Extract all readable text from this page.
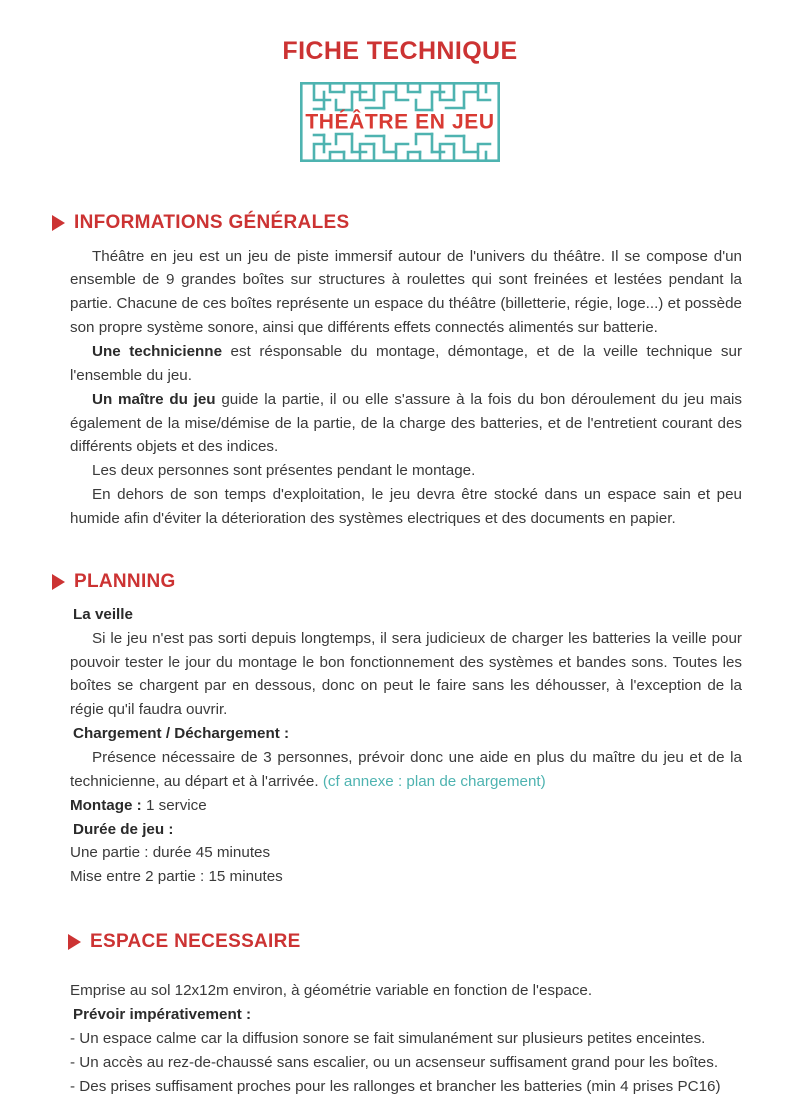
FICHE TECHNIQUE
THÉÂTRE EN JEU
INFORMATIONS GÉNÉRALES

Théâtre en jeu est un jeu de piste immersif autour de l'univers du théâtre. Il se compose d'un ensemble de 9 grandes boîtes sur structures à roulettes qui sont freinées et lestées pendant la partie. Chacune de ces boîtes représente un espace du théâtre (billetterie, régie, loge...) et possède son propre système sonore, ainsi que différents effets connectés alimentés sur batterie.

Une technicienne est résponsable du montage, démontage, et de la veille technique sur l'ensemble du jeu.

Un maître du jeu guide la partie, il ou elle s'assure à la fois du bon déroulement du jeu mais également de la mise/démise de la partie, de la charge des batteries, et de l'entretient courant des différents objets et des indices.

Les deux personnes sont présentes pendant le montage.

En dehors de son temps d'exploitation, le jeu devra être stocké dans un espace sain et peu humide afin d'éviter la déterioration des systèmes electriques et des documents en papier.

PLANNING

La veille

Si le jeu n'est pas sorti depuis longtemps, il sera judicieux de charger les batteries la veille pour pouvoir tester le jour du montage le bon fonctionnement des systèmes et bandes sons. Toutes les boîtes se chargent par en dessous, donc on peut le faire sans les déhousser, à l'exception de la régie qu'il faudra ouvrir.

Chargement / Déchargement :

Présence nécessaire de 3 personnes, prévoir donc une aide en plus du maître du jeu et de la technicienne, au départ et à l'arrivée. (cf annexe : plan de chargement)

Montage : 1 service

Durée de jeu :

Une partie : durée 45 minutes

Mise entre 2 partie : 15 minutes

ESPACE NECESSAIRE

Emprise au sol 12x12m environ, à géométrie variable en fonction de l'espace.

Prévoir impérativement :

- Un espace calme car la diffusion sonore se fait simulanément sur plusieurs petites enceintes.

- Un accès au rez-de-chaussé sans escalier, ou un acsenseur suffisament grand pour les boîtes.

- Des prises suffisament proches pour les rallonges et brancher les batteries (min 4 prises PC16)
